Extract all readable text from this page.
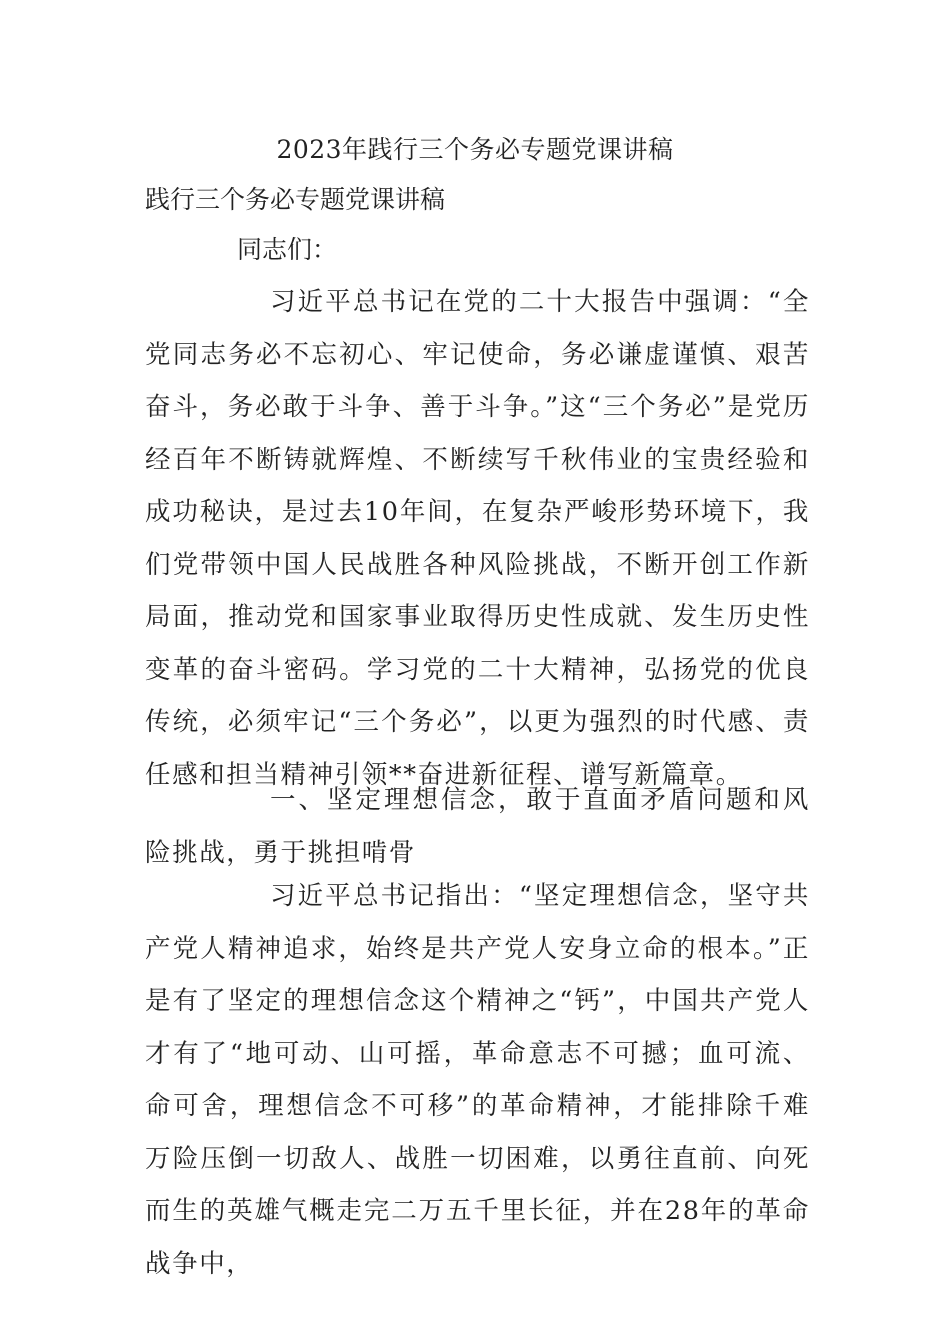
2023年践行三个务必专题党课讲稿
践行三个务必专题党课讲稿
同志们：

习近平总书记在党的二十大报告中强调：“全党同志务必不忘初心、牢记使命，务必谦虚谨慎、艰苦奋斗，务必敢于斗争、善于斗争。”这“三个务必”是党历经百年不断铸就辉煌、不断续写千秋伟业的宝贵经验和成功秘诀，是过去10年间，在复杂严峻形势环境下，我们党带领中国人民战胜各种风险挑战，不断开创工作新局面，推动党和国家事业取得历史性成就、发生历史性变革的奋斗密码。学习党的二十大精神，弘扬党的优良传统，必须牢记“三个务必”，以更为强烈的时代感、责任感和担当精神引领**奋进新征程、谱写新篇章。

一、坚定理想信念，敢于直面矛盾问题和风险挑战，勇于挑担啃骨

习近平总书记指出：“坚定理想信念，坚守共产党人精神追求，始终是共产党人安身立命的根本。”正是有了坚定的理想信念这个精神之“钙”，中国共产党人才有了“地可动、山可摇，革命意志不可撼；血可流、命可舍，理想信念不可移”的革命精神，才能排除千难万险压倒一切敌人、战胜一切困难，以勇往直前、向死而生的英雄气概走完二万五千里长征，并在28年的革命战争中，
